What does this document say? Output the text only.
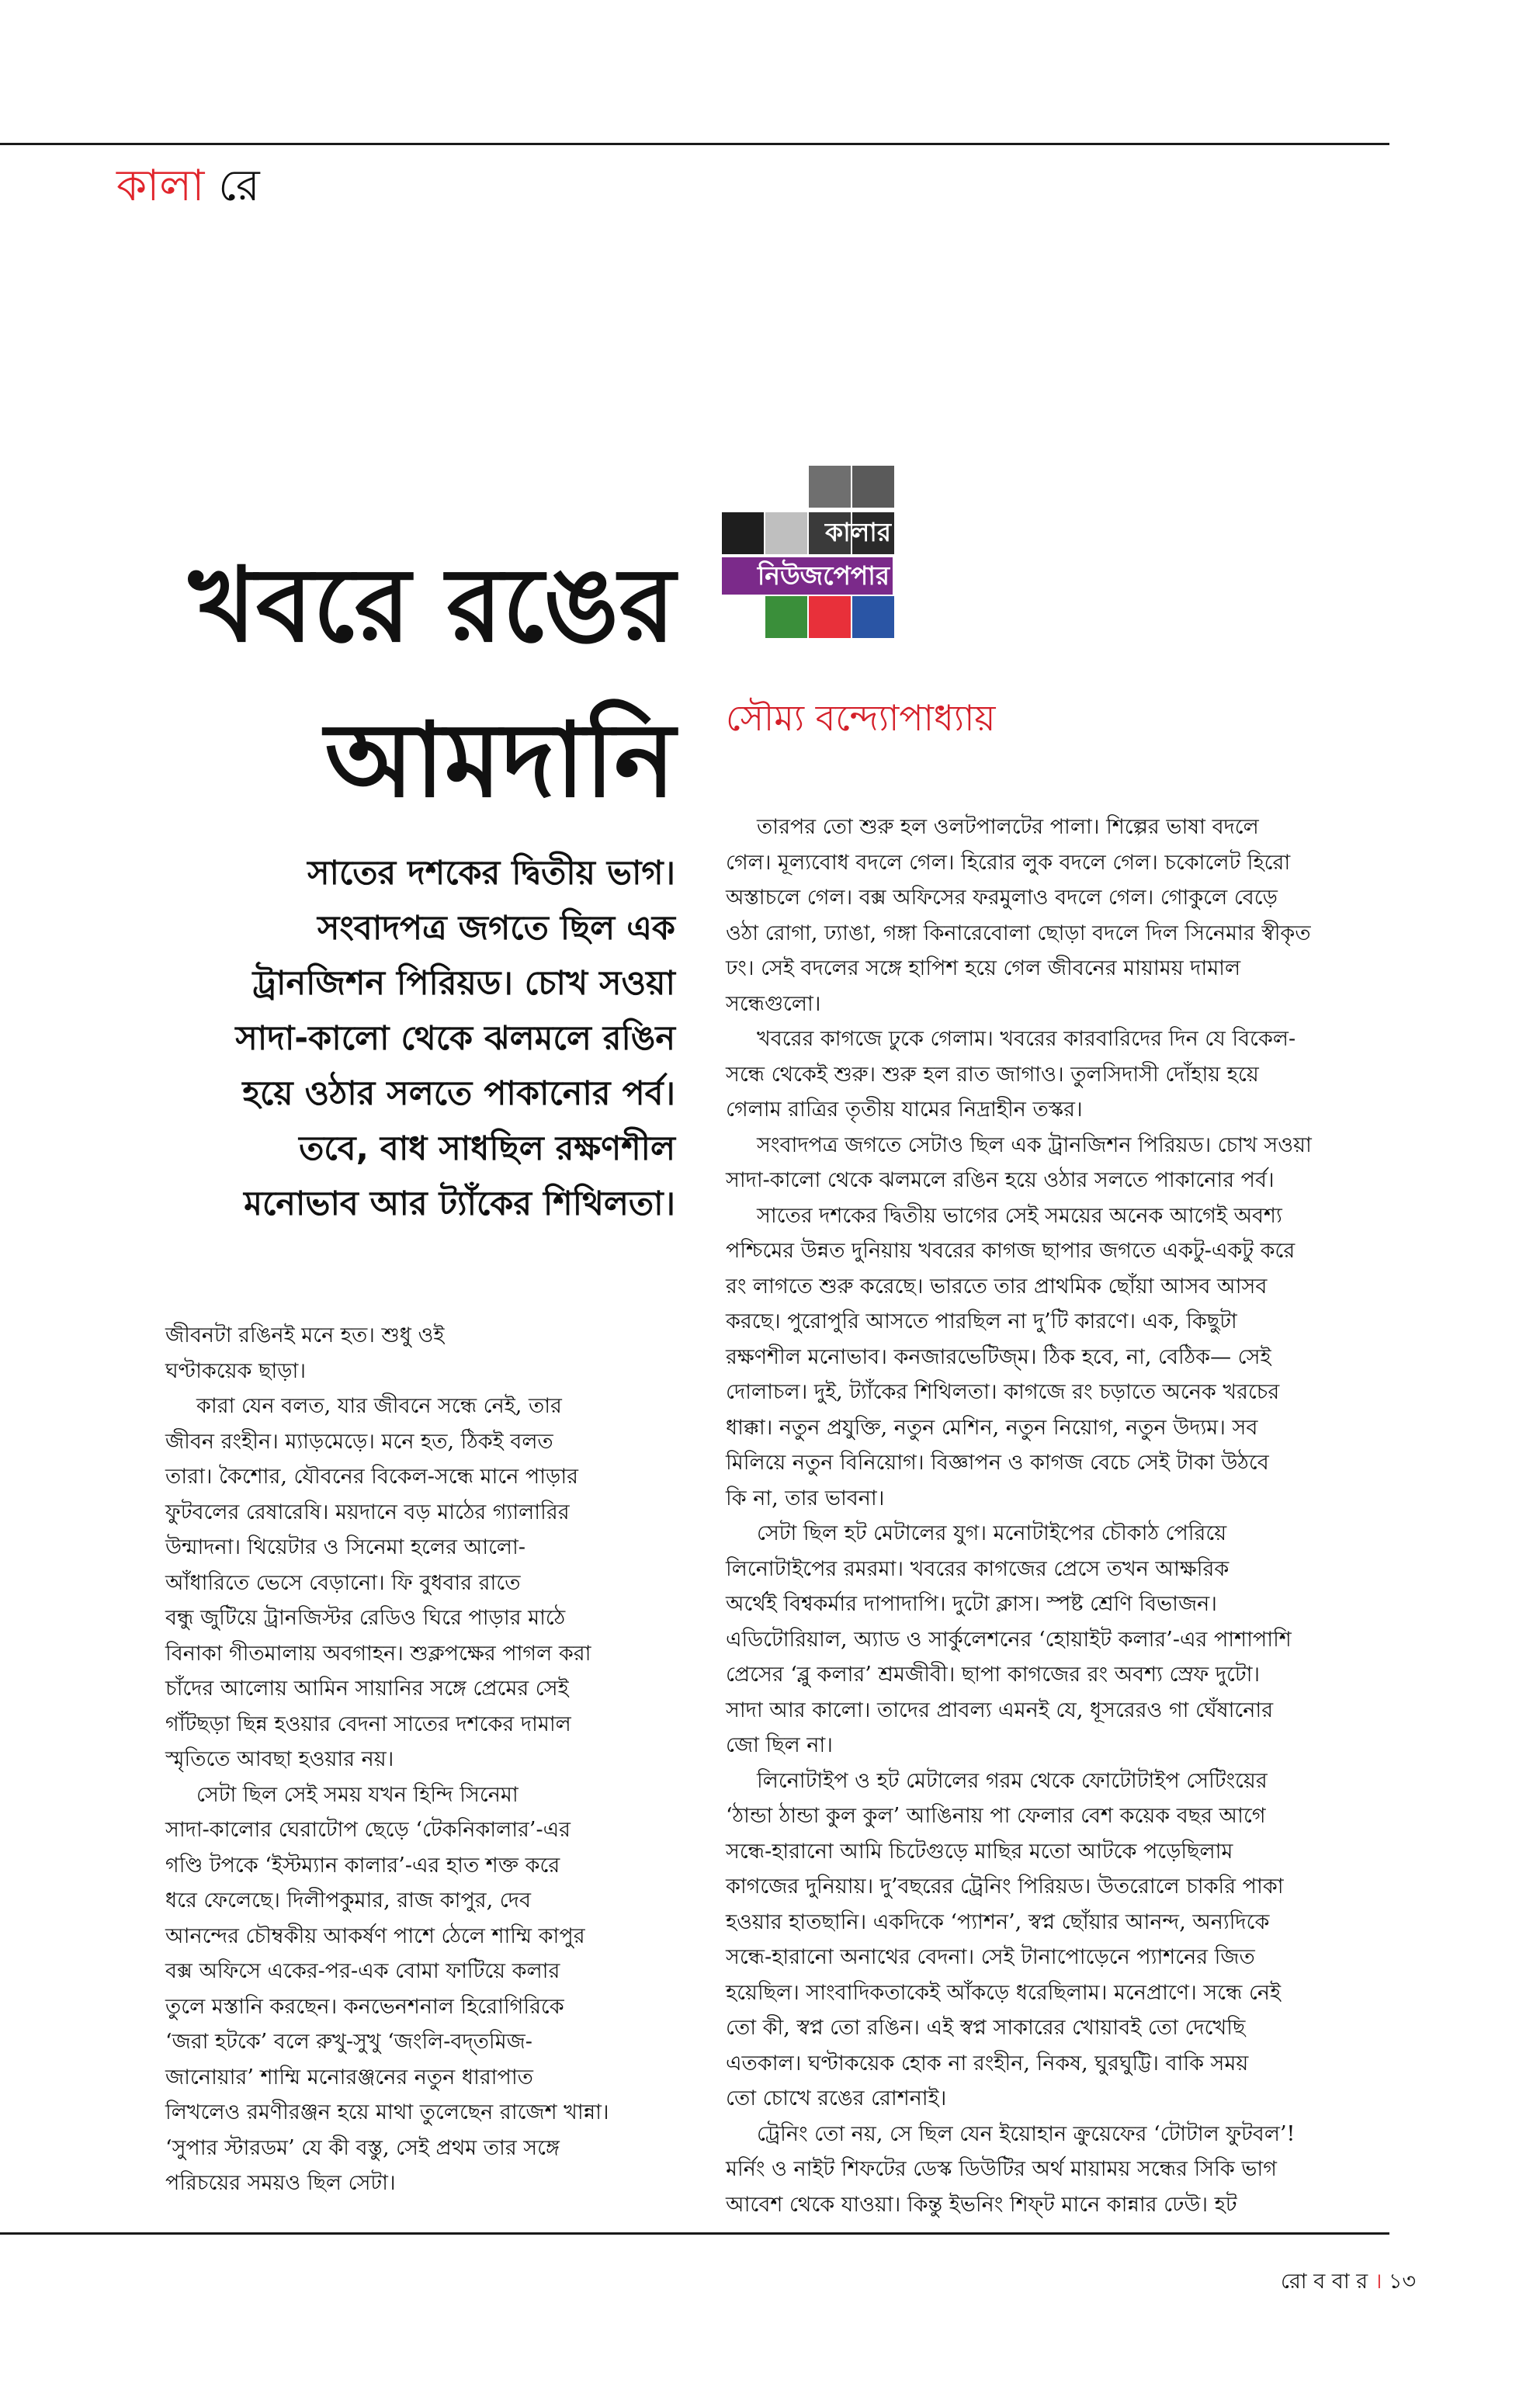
কালা রে
কালার
নিউজপেপার
খবরে রঙের
আমদানি
সাতের দশকের দ্বিতীয় ভাগ।
সংবাদপত্র জগতে ছিল এক
ট্রানজিশন পিরিয়ড। চোখ সওয়া
সাদা-কালো থেকে ঝলমলে রঙিন
হয়ে ওঠার সলতে পাকানোর পর্ব।
তবে, বাধ সাধছিল রক্ষণশীল
মনোভাব আর ট্যাঁকের শিথিলতা।
সৌম্য বন্দ্যোপাধ্যায়

জীবনটা রঙিনই মনে হত। শুধু ওই
ঘণ্টাকয়েক ছাড়া।

কারা যেন বলত, যার জীবনে সন্ধে নেই, তার
জীবন রংহীন। ম্যাড়মেড়ে। মনে হত, ঠিকই বলত
তারা। কৈশোর, যৌবনের বিকেল-সন্ধে মানে পাড়ার
ফুটবলের রেষারেষি। ময়দানে বড় মাঠের গ্যালারির
উন্মাদনা। থিয়েটার ও সিনেমা হলের আলো-
আঁধারিতে ভেসে বেড়ানো। ফি বুধবার রাতে
বন্ধু জুটিয়ে ট্রানজিস্টর রেডিও ঘিরে পাড়ার মাঠে
বিনাকা গীতমালায় অবগাহন। শুক্লপক্ষের পাগল করা
চাঁদের আলোয় আমিন সায়ানির সঙ্গে প্রেমের সেই
গাঁটছড়া ছিন্ন হওয়ার বেদনা সাতের দশকের দামাল
স্মৃতিতে আবছা হওয়ার নয়।

সেটা ছিল সেই সময় যখন হিন্দি সিনেমা
সাদা-কালোর ঘেরাটোপ ছেড়ে ‘টেকনিকালার’-এর
গণ্ডি টপকে ‘ইস্টম্যান কালার’-এর হাত শক্ত করে
ধরে ফেলেছে। দিলীপকুমার, রাজ কাপুর, দেব
আনন্দের চৌম্বকীয় আকর্ষণ পাশে ঠেলে শাম্মি কাপুর
বক্স অফিসে একের-পর-এক বোমা ফাটিয়ে কলার
তুলে মস্তানি করছেন। কনভেনশনাল হিরোগিরিকে
‘জরা হটকে’ বলে রুখু-সুখু ‘জংলি-বদ্‌তমিজ-
জানোয়ার’ শাম্মি মনোরঞ্জনের নতুন ধারাপাত
লিখলেও রমণীরঞ্জন হয়ে মাথা তুলেছেন রাজেশ খান্না।
‘সুপার স্টারডম’ যে কী বস্তু, সেই প্রথম তার সঙ্গে
পরিচয়ের সময়ও ছিল সেটা।

তারপর তো শুরু হল ওলটপালটের পালা। শিল্পের ভাষা বদলে
গেল। মূল্যবোধ বদলে গেল। হিরোর লুক বদলে গেল। চকোলেট হিরো
অস্তাচলে গেল। বক্স অফিসের ফরমুলাও বদলে গেল। গোকুলে বেড়ে
ওঠা রোগা, ঢ্যাঙা, গঙ্গা কিনারেবোলা ছোড়া বদলে দিল সিনেমার স্বীকৃত
ঢং। সেই বদলের সঙ্গে হাপিশ হয়ে গেল জীবনের মায়াময় দামাল
সন্ধেগুলো।

খবরের কাগজে ঢুকে গেলাম। খবরের কারবারিদের দিন যে বিকেল-
সন্ধে থেকেই শুরু। শুরু হল রাত জাগাও। তুলসিদাসী দোঁহায় হয়ে
গেলাম রাত্রির তৃতীয় যামের নিদ্রাহীন তস্কর।

সংবাদপত্র জগতে সেটাও ছিল এক ট্রানজিশন পিরিয়ড। চোখ সওয়া
সাদা-কালো থেকে ঝলমলে রঙিন হয়ে ওঠার সলতে পাকানোর পর্ব।

সাতের দশকের দ্বিতীয় ভাগের সেই সময়ের অনেক আগেই অবশ্য
পশ্চিমের উন্নত দুনিয়ায় খবরের কাগজ ছাপার জগতে একটু-একটু করে
রং লাগতে শুরু করেছে। ভারতে তার প্রাথমিক ছোঁয়া আসব আসব
করছে। পুরোপুরি আসতে পারছিল না দু’টি কারণে। এক, কিছুটা
রক্ষণশীল মনোভাব। কনজারভেটিজ্‌ম। ঠিক হবে, না, বেঠিক— সেই
দোলাচল। দুই, ট্যাঁকের শিথিলতা। কাগজে রং চড়াতে অনেক খরচের
ধাক্কা। নতুন প্রযুক্তি, নতুন মেশিন, নতুন নিয়োগ, নতুন উদ্যম। সব
মিলিয়ে নতুন বিনিয়োগ। বিজ্ঞাপন ও কাগজ বেচে সেই টাকা উঠবে
কি না, তার ভাবনা।

সেটা ছিল হট মেটালের যুগ। মনোটাইপের চৌকাঠ পেরিয়ে
লিনোটাইপের রমরমা। খবরের কাগজের প্রেসে তখন আক্ষরিক
অর্থেই বিশ্বকর্মার দাপাদাপি। দুটো ক্লাস। স্পষ্ট শ্রেণি বিভাজন।
এডিটোরিয়াল, অ্যাড ও সার্কুলেশনের ‘হোয়াইট কলার’-এর পাশাপাশি
প্রেসের ‘ব্লু কলার’ শ্রমজীবী। ছাপা কাগজের রং অবশ্য স্রেফ দুটো।
সাদা আর কালো। তাদের প্রাবল্য এমনই যে, ধূসরেরও গা ঘেঁষানোর
জো ছিল না।

লিনোটাইপ ও হট মেটালের গরম থেকে ফোটোটাইপ সেটিংয়ের
‘ঠান্ডা ঠান্ডা কুল কুল’ আঙিনায় পা ফেলার বেশ কয়েক বছর আগে
সন্ধে-হারানো আমি চিটেগুড়ে মাছির মতো আটকে পড়েছিলাম
কাগজের দুনিয়ায়। দু’বছরের ট্রেনিং পিরিয়ড। উতরোলে চাকরি পাকা
হওয়ার হাতছানি। একদিকে ‘প্যাশন’, স্বপ্ন ছোঁয়ার আনন্দ, অন্যদিকে
সন্ধে-হারানো অনাথের বেদনা। সেই টানাপোড়েনে প্যাশনের জিত
হয়েছিল। সাংবাদিকতাকেই আঁকড়ে ধরেছিলাম। মনেপ্রাণে। সন্ধে নেই
তো কী, স্বপ্ন তো রঙিন। এই স্বপ্ন সাকারের খোয়াবই তো দেখেছি
এতকাল। ঘণ্টাকয়েক হোক না রংহীন, নিকষ, ঘুরঘুট্টি। বাকি সময়
তো চোখে রঙের রোশনাই।

ট্রেনিং তো নয়, সে ছিল যেন ইয়োহান ক্রুয়েফের ‘টোটাল ফুটবল’!
মর্নিং ও নাইট শিফটের ডেস্ক ডিউটির অর্থ মায়াময় সন্ধের সিকি ভাগ
আবেশ থেকে যাওয়া। কিন্তু ইভনিং শিফ্‌ট মানে কান্নার ঢেউ। হট

রো ব বা র । ১৩
